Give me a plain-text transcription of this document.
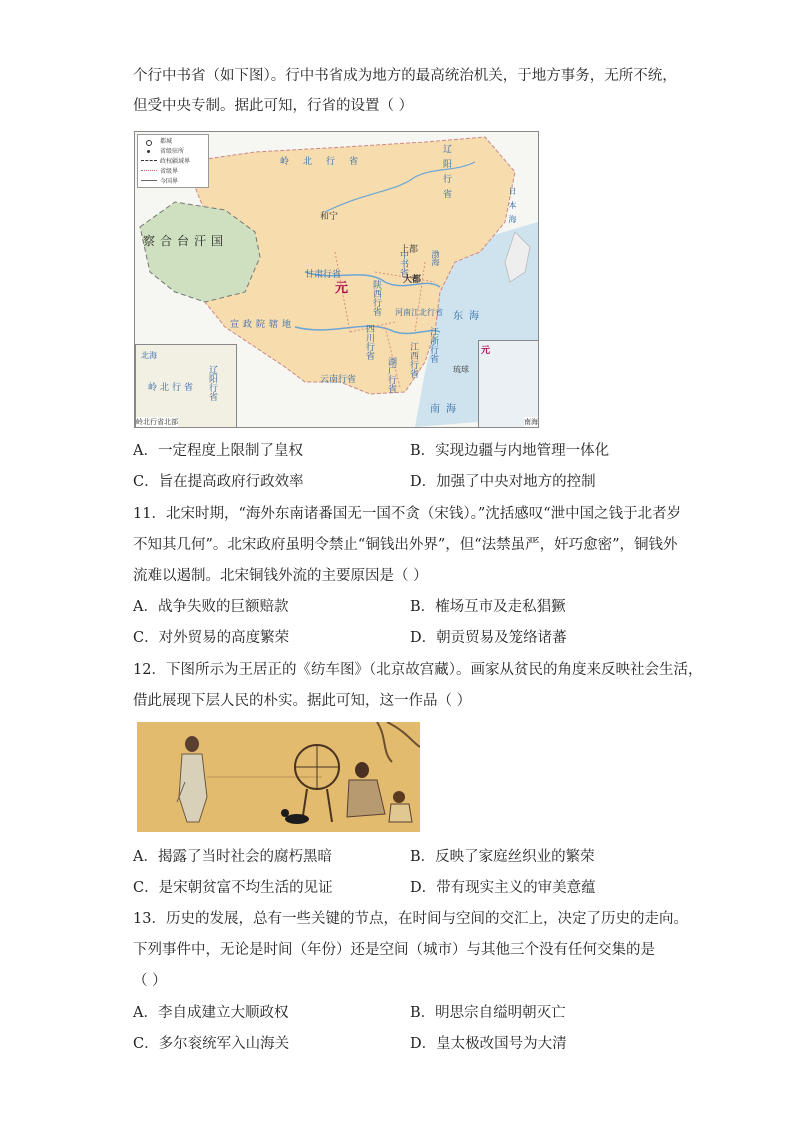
个行中书省（如下图）。行中书省成为地方的最高统治机关，于地方事务，无所不统，
但受中央专制。据此可知，行省的设置（ ）
都城
省级驻所
政权疆域界
省级界
今国界
岭北行省	辽阳行省
察合台汗国
元
甘肃行省
陕西行省
中书省
大都
上都
和宁
宣政院辖地
河南江北行省
四川行省	江浙行省
江西行省
湖广行省
云南行省
琉球
东海
南海
渤海
日本海
北海
岭北行省 辽阳行省
岭北行省北部
元
南海
A．一定程度上限制了皇权	B．实现边疆与内地管理一体化
C．旨在提高政府行政效率	D．加强了中央对地方的控制
11．北宋时期，“海外东南诸番国无一国不贪（宋钱）。”沈括感叹“泄中国之钱于北者岁
不知其几何”。北宋政府虽明令禁止“铜钱出外界”，但“法禁虽严，奸巧愈密”，铜钱外
流难以遏制。北宋铜钱外流的主要原因是（ ）
A．战争失败的巨额赔款	B．榷场互市及走私猖獗
C．对外贸易的高度繁荣	D．朝贡贸易及笼络诸蕃
12．下图所示为王居正的《纺车图》（北京故宫藏）。画家从贫民的角度来反映社会生活，
借此展现下层人民的朴实。据此可知，这一作品（ ）
A．揭露了当时社会的腐朽黑暗	B．反映了家庭丝织业的繁荣
C．是宋朝贫富不均生活的见证	D．带有现实主义的审美意蕴
13．历史的发展，总有一些关键的节点，在时间与空间的交汇上，决定了历史的走向。
下列事件中，无论是时间（年份）还是空间（城市）与其他三个没有任何交集的是
（ ）
A．李自成建立大顺政权	B．明思宗自缢明朝灭亡
C．多尔衮统军入山海关	D．皇太极改国号为大清
